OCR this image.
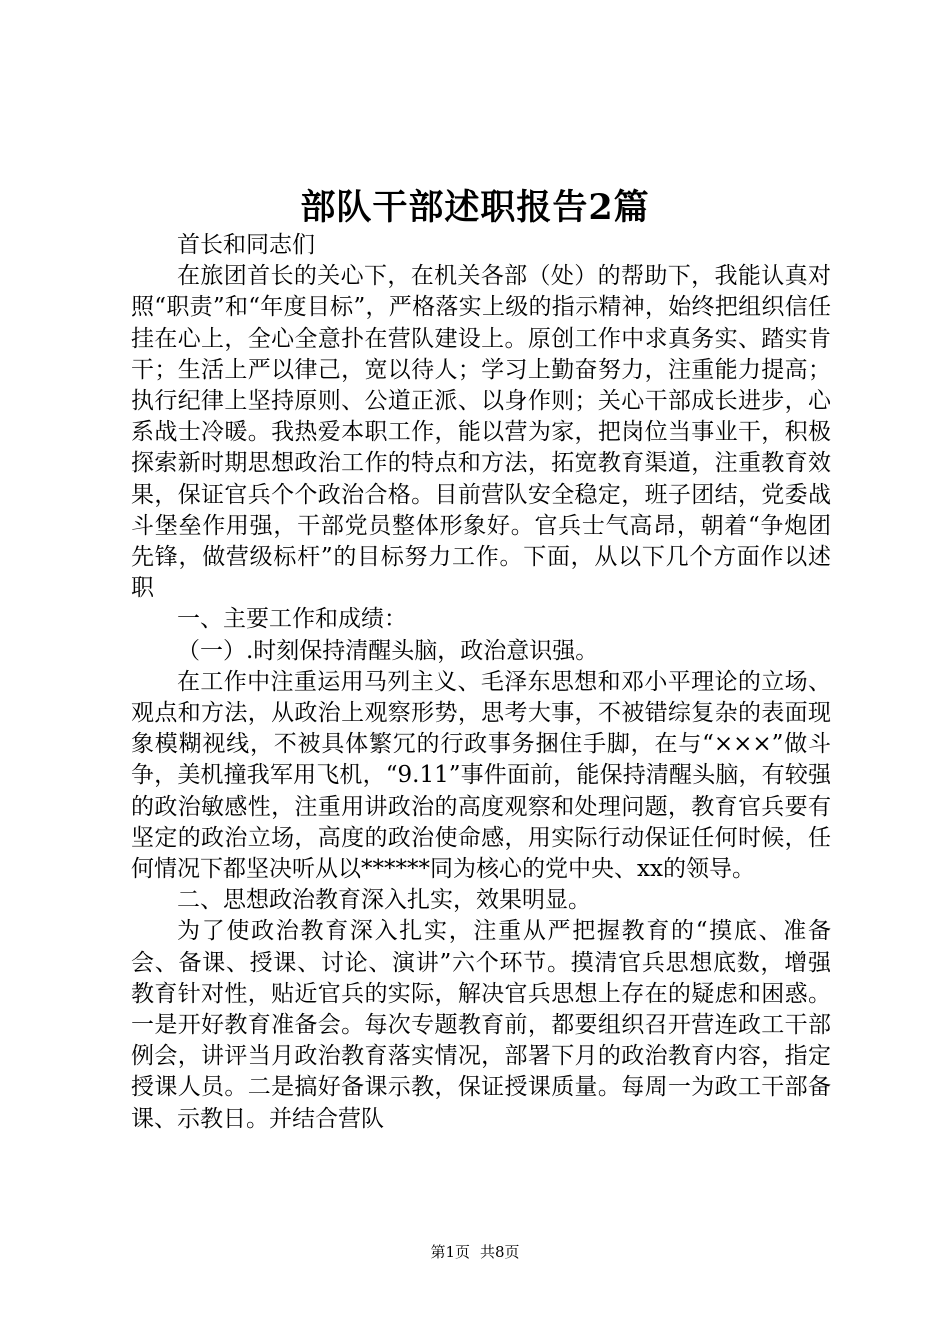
部队干部述职报告2篇

首长和同志们

在旅团首长的关心下，在机关各部（处）的帮助下，我能认真对照“职责”和“年度目标”，严格落实上级的指示精神，始终把组织信任挂在心上，全心全意扑在营队建设上。原创工作中求真务实、踏实肯干；生活上严以律己，宽以待人；学习上勤奋努力，注重能力提高；执行纪律上坚持原则、公道正派、以身作则；关心干部成长进步，心系战士冷暖。我热爱本职工作，能以营为家，把岗位当事业干，积极探索新时期思想政治工作的特点和方法，拓宽教育渠道，注重教育效果，保证官兵个个政治合格。目前营队安全稳定，班子团结，党委战斗堡垒作用强，干部党员整体形象好。官兵士气高昂，朝着“争炮团先锋，做营级标杆”的目标努力工作。下面，从以下几个方面作以述职

一、主要工作和成绩：

（一）.时刻保持清醒头脑，政治意识强。

在工作中注重运用马列主义、毛泽东思想和邓小平理论的立场、观点和方法，从政治上观察形势，思考大事，不被错综复杂的表面现象模糊视线，不被具体繁冗的行政事务捆住手脚，在与“×××”做斗争，美机撞我军用飞机，“9.11”事件面前，能保持清醒头脑，有较强的政治敏感性，注重用讲政治的高度观察和处理问题，教育官兵要有坚定的政治立场，高度的政治使命感，用实际行动保证任何时候，任何情况下都坚决听从以******同为核心的党中央、xx的领导。

二、思想政治教育深入扎实，效果明显。

为了使政治教育深入扎实，注重从严把握教育的“摸底、准备会、备课、授课、讨论、演讲”六个环节。摸清官兵思想底数，增强教育针对性，贴近官兵的实际，解决官兵思想上存在的疑虑和困惑。一是开好教育准备会。每次专题教育前，都要组织召开营连政工干部例会，讲评当月政治教育落实情况，部署下月的政治教育内容，指定授课人员。二是搞好备课示教，保证授课质量。每周一为政工干部备课、示教日。并结合营队

第1页 共8页
